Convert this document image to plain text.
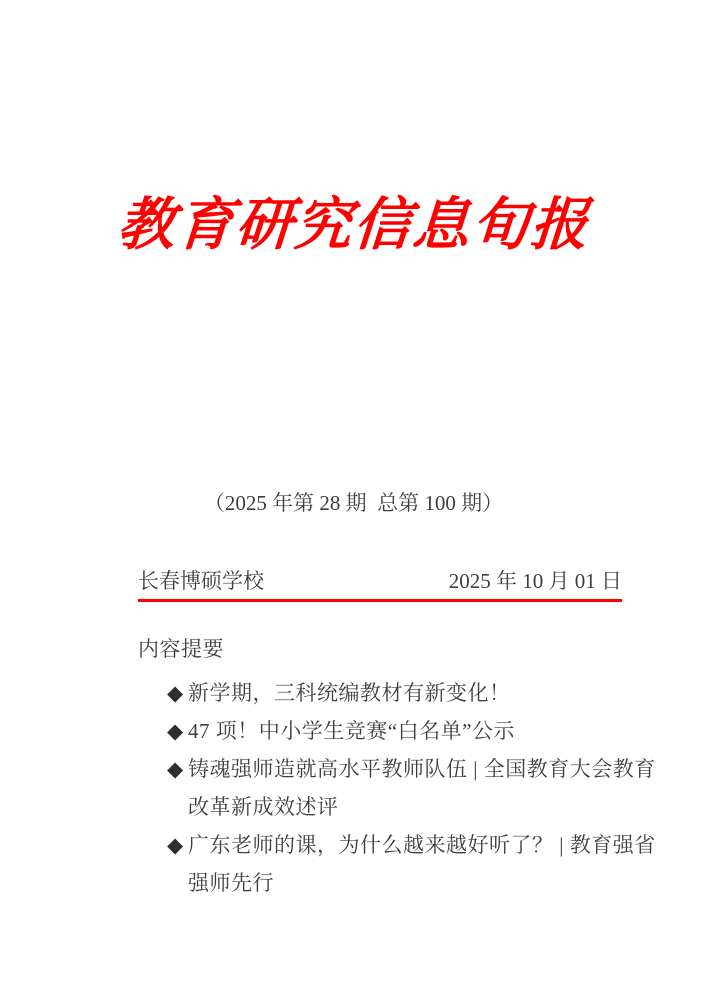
教育研究信息旬报
（2025 年第 28 期  总第 100 期）
长春博硕学校	2025 年 10 月 01 日
内容提要
◆ 新学期，三科统编教材有新变化！
◆ 47 项！中小学生竞赛“白名单”公示
◆ 铸魂强师造就高水平教师队伍 | 全国教育大会教育
改革新成效述评
◆ 广东老师的课，为什么越来越好听了？ | 教育强省
强师先行
